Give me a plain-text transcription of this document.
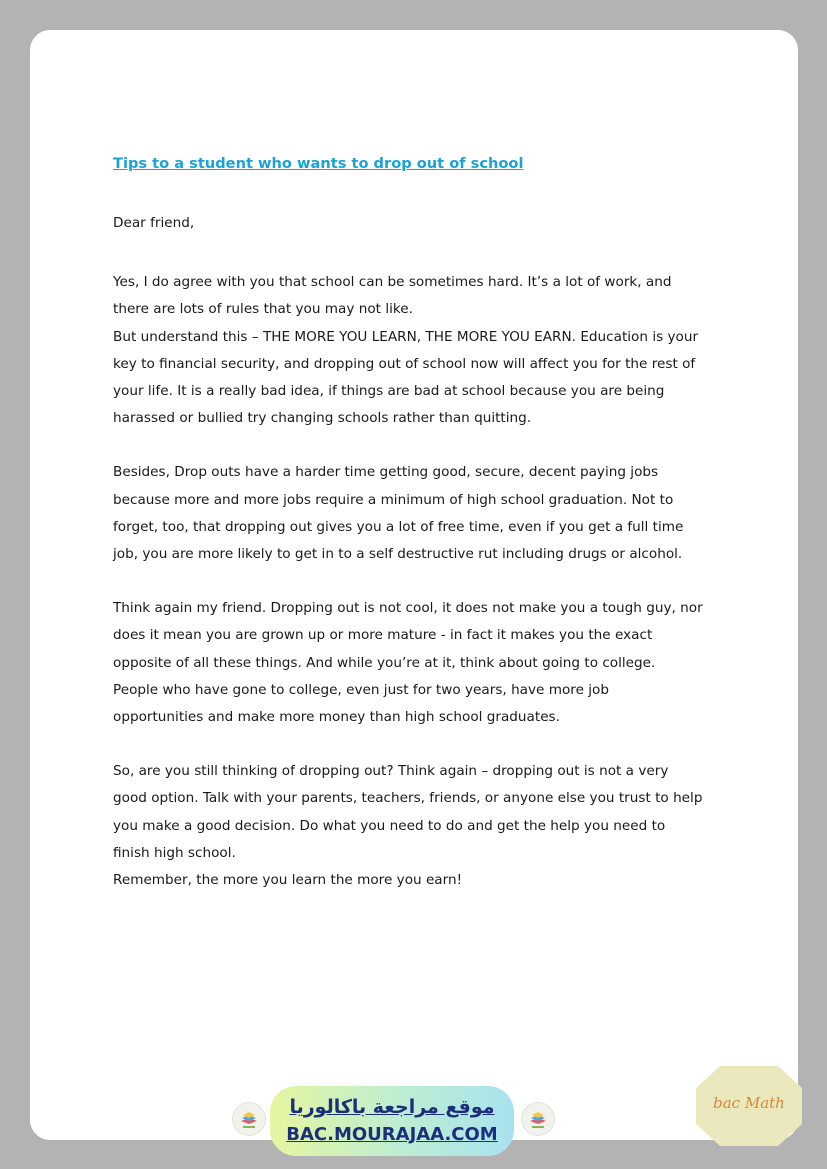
Tips to a student who wants to drop out of school

Dear friend,

Yes, I do agree with you that school can be sometimes hard. It’s a lot of work, and there are lots of rules that you may not like.

But understand this – THE MORE YOU LEARN, THE MORE YOU EARN. Education is your key to financial security, and dropping out of school now will affect you for the rest of your life. It is a really bad idea, if things are bad at school because you are being harassed or bullied try changing schools rather than quitting.

Besides, Drop outs have a harder time getting good, secure, decent paying jobs because more and more jobs require a minimum of high school graduation. Not to forget, too, that dropping out gives you a lot of free time, even if you get a full time job, you are more likely to get in to a self destructive rut including drugs or alcohol.

Think again my friend. Dropping out is not cool, it does not make you a tough guy, nor does it mean you are grown up or more mature - in fact it makes you the exact opposite of all these things. And while you’re at it, think about going to college. People who have gone to college, even just for two years, have more job opportunities and make more money than high school graduates.

So, are you still thinking of dropping out? Think again – dropping out is not a very good option. Talk with your parents, teachers, friends, or anyone else you trust to help you make a good decision. Do what you need to do and get the help you need to finish high school.

Remember, the more you learn the more you earn!

موقع مراجعة باكالوريا
BAC.MOURAJAA.COM
bac Math
